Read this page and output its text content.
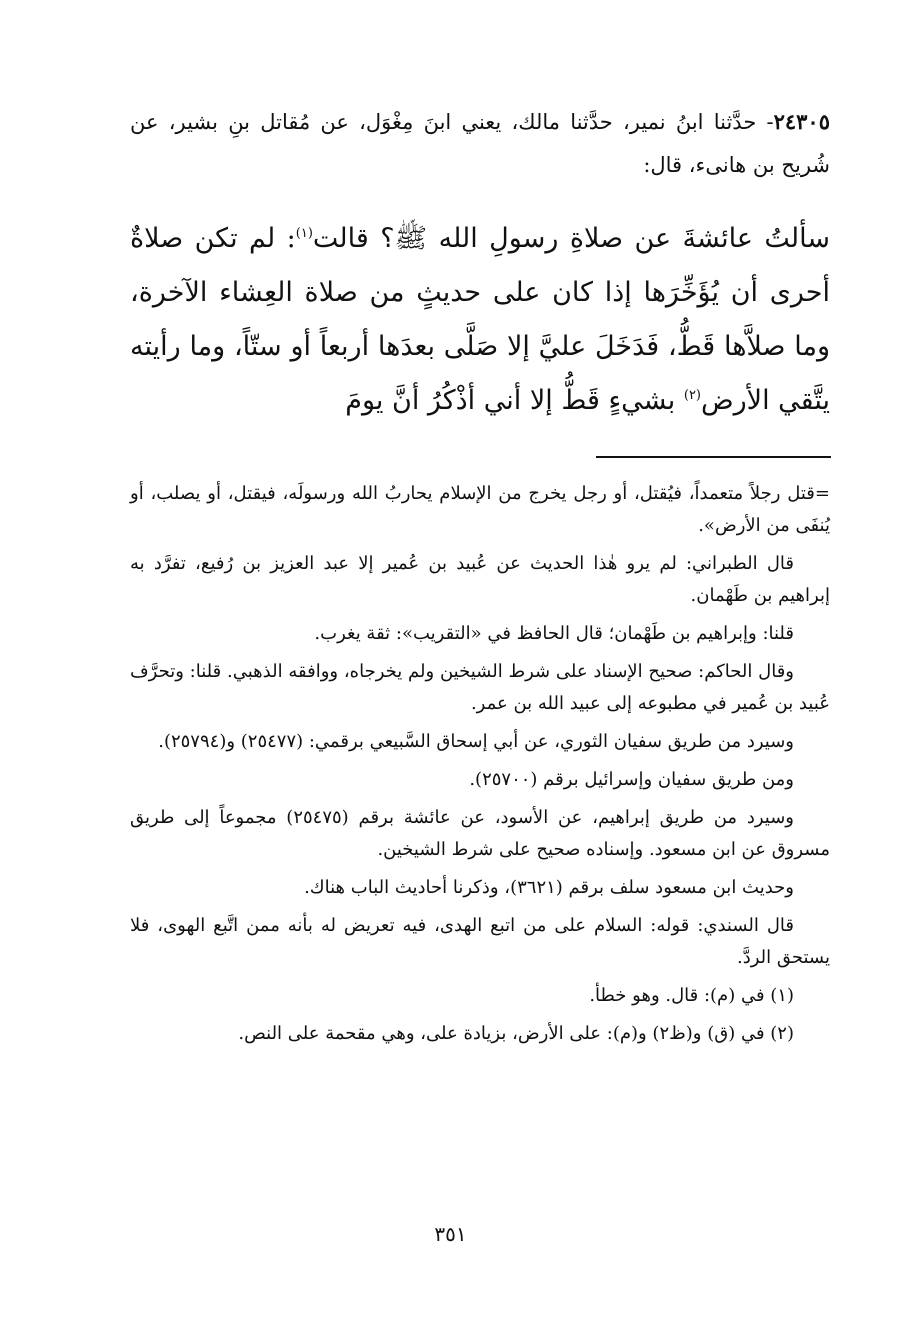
٢٤٣٠٥- حدَّثنا ابنُ نمير، حدَّثنا مالك، يعني ابنَ مِغْوَل، عن مُقاتل بنِ بشير، عن شُريح بن هانىء، قال:
سألتُ عائشةَ عن صلاةِ رسولِ الله ﷺ؟ قالت$^{(١)}$: لم تكن صلاةٌ أحرى أن يُؤَخِّرَها إذا كان على حديثٍ من صلاة العِشاء الآخرة، وما صلاَّها قَطُّ، فَدَخَلَ عليَّ إلا صَلَّى بعدَها أربعاً أو ستّاً، وما رأيته يتَّقي الأرض$^{(٢)}$ بشيءٍ قَطُّ إلا أني أذْكُرُ أنَّ يومَ

=قتل رجلاً متعمداً، فيُقتل، أو رجل يخرج من الإسلام يحاربُ الله ورسولَه، فيقتل، أو يصلب، أو يُنفَى من الأرض».

قال الطبراني: لم يرو هٰذا الحديث عن عُبيد بن عُمير إلا عبد العزيز بن رُفيع، تفرَّد به إبراهيم بن طَهْمان.

قلنا: وإبراهيم بن طَهْمان؛ قال الحافظ في «التقريب»: ثقة يغرب.

وقال الحاكم: صحيح الإسناد على شرط الشيخين ولم يخرجاه، ووافقه الذهبي. قلنا: وتحرَّف عُبيد بن عُمير في مطبوعه إلى عبيد الله بن عمر.

وسيرد من طريق سفيان الثوري، عن أبي إسحاق السَّبيعي برقمي: (٢٥٤٧٧) و(٢٥٧٩٤).

ومن طريق سفيان وإسرائيل برقم (٢٥٧٠٠).

وسيرد من طريق إبراهيم، عن الأسود، عن عائشة برقم (٢٥٤٧٥) مجموعاً إلى طريق مسروق عن ابن مسعود. وإسناده صحيح على شرط الشيخين.

وحديث ابن مسعود سلف برقم (٣٦٢١)، وذكرنا أحاديث الباب هناك.

قال السندي: قوله: السلام على من اتبع الهدى، فيه تعريض له بأنه ممن اتَّبع الهوى، فلا يستحق الردَّ.

(١) في (م): قال. وهو خطأ.

(٢) في (ق) و(ظ٢) و(م): على الأرض، بزيادة على، وهي مقحمة على النص.

٣٥١
